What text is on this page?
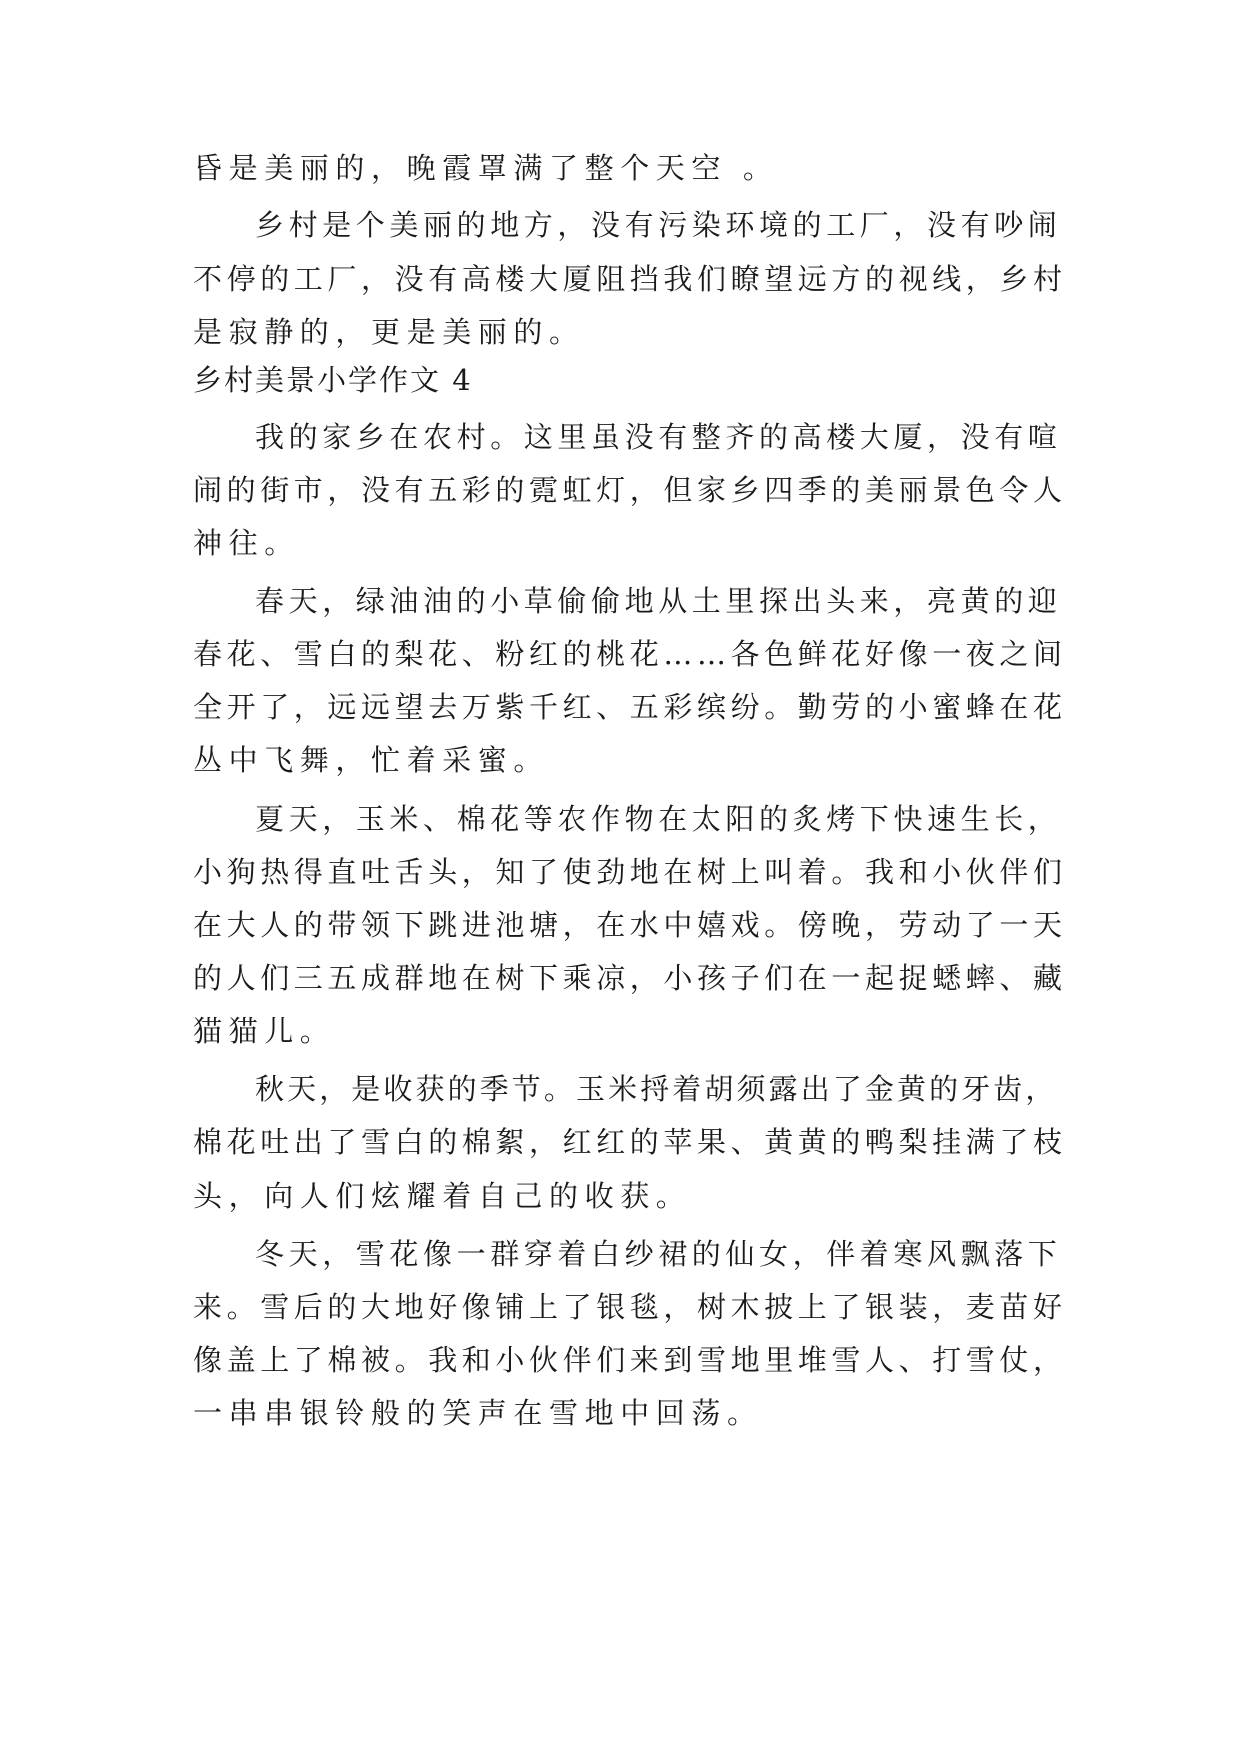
昏是美丽的，晚霞罩满了整个天空 。
乡村是个美丽的地方，没有污染环境的工厂，没有吵闹
不停的工厂，没有高楼大厦阻挡我们瞭望远方的视线，乡村
是寂静的，更是美丽的。
乡村美景小学作文 4
我的家乡在农村。这里虽没有整齐的高楼大厦，没有喧
闹的街市，没有五彩的霓虹灯，但家乡四季的美丽景色令人
神往。
春天，绿油油的小草偷偷地从土里探出头来，亮黄的迎
春花、雪白的梨花、粉红的桃花……各色鲜花好像一夜之间
全开了，远远望去万紫千红、五彩缤纷。勤劳的小蜜蜂在花
丛中飞舞，忙着采蜜。
夏天，玉米、棉花等农作物在太阳的炙烤下快速生长，
小狗热得直吐舌头，知了使劲地在树上叫着。我和小伙伴们
在大人的带领下跳进池塘，在水中嬉戏。傍晚，劳动了一天
的人们三五成群地在树下乘凉，小孩子们在一起捉蟋蟀、藏
猫猫儿。
秋天，是收获的季节。玉米捋着胡须露出了金黄的牙齿，
棉花吐出了雪白的棉絮，红红的苹果、黄黄的鸭梨挂满了枝
头，向人们炫耀着自己的收获。
冬天，雪花像一群穿着白纱裙的仙女，伴着寒风飘落下
来。雪后的大地好像铺上了银毯，树木披上了银装，麦苗好
像盖上了棉被。我和小伙伴们来到雪地里堆雪人、打雪仗，
一串串银铃般的笑声在雪地中回荡。
